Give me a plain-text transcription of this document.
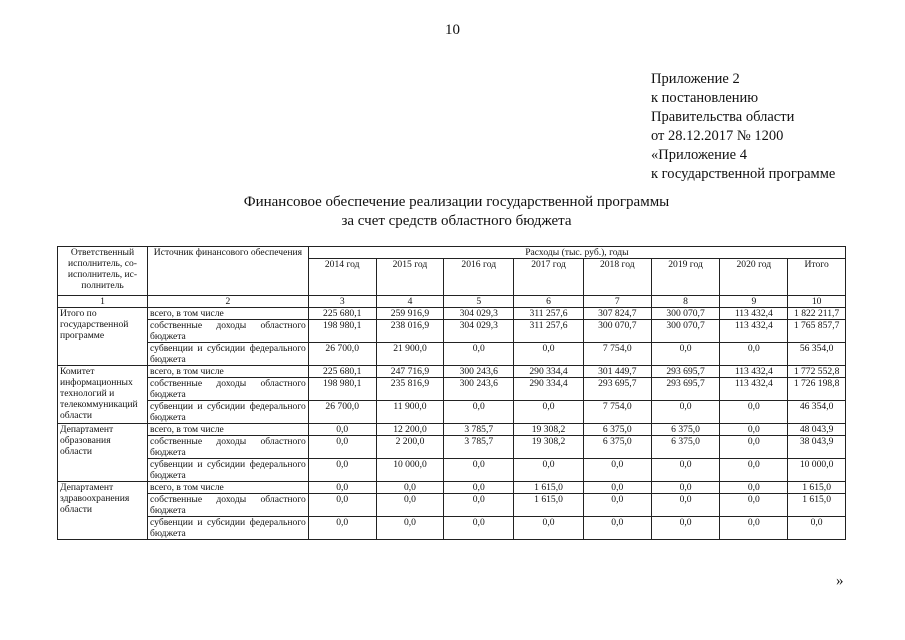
10
Приложение 2
к постановлению
Правительства области
от 28.12.2017 № 1200
«Приложение 4
к государственной программе
Финансовое обеспечение реализации государственной программы
за счет средств областного бюджета
Ответственный исполнитель, со-исполнитель, ис-полнитель	Источник финансового обеспечения	Расходы (тыс. руб.), годы							
		2014 год	2015 год	2016 год	2017 год	2018 год	2019 год	2020 год	Итого
1	2	3	4	5	6	7	8	9	10
Итого по государственной программе	всего, в том числе	225 680,1	259 916,9	304 029,3	311 257,6	307 824,7	300 070,7	113 432,4	1 822 211,7
	собственные доходы областного бюджета	198 980,1	238 016,9	304 029,3	311 257,6	300 070,7	300 070,7	113 432,4	1 765 857,7
	субвенции и субсидии федерального бюджета	26 700,0	21 900,0	0,0	0,0	7 754,0	0,0	0,0	56 354,0
Комитет информационных технологий и телекоммуникаций области	всего, в том числе	225 680,1	247 716,9	300 243,6	290 334,4	301 449,7	293 695,7	113 432,4	1 772 552,8
	собственные доходы областного бюджета	198 980,1	235 816,9	300 243,6	290 334,4	293 695,7	293 695,7	113 432,4	1 726 198,8
	субвенции и субсидии федерального бюджета	26 700,0	11 900,0	0,0	0,0	7 754,0	0,0	0,0	46 354,0
Департамент образования области	всего, в том числе	0,0	12 200,0	3 785,7	19 308,2	6 375,0	6 375,0	0,0	48 043,9
	собственные доходы областного бюджета	0,0	2 200,0	3 785,7	19 308,2	6 375,0	6 375,0	0,0	38 043,9
	субвенции и субсидии федерального бюджета	0,0	10 000,0	0,0	0,0	0,0	0,0	0,0	10 000,0
Департамент здравоохранения области	всего, в том числе	0,0	0,0	0,0	1 615,0	0,0	0,0	0,0	1 615,0
	собственные доходы областного бюджета	0,0	0,0	0,0	1 615,0	0,0	0,0	0,0	1 615,0
	субвенции и субсидии федерального бюджета	0,0	0,0	0,0	0,0	0,0	0,0	0,0	0,0
»
